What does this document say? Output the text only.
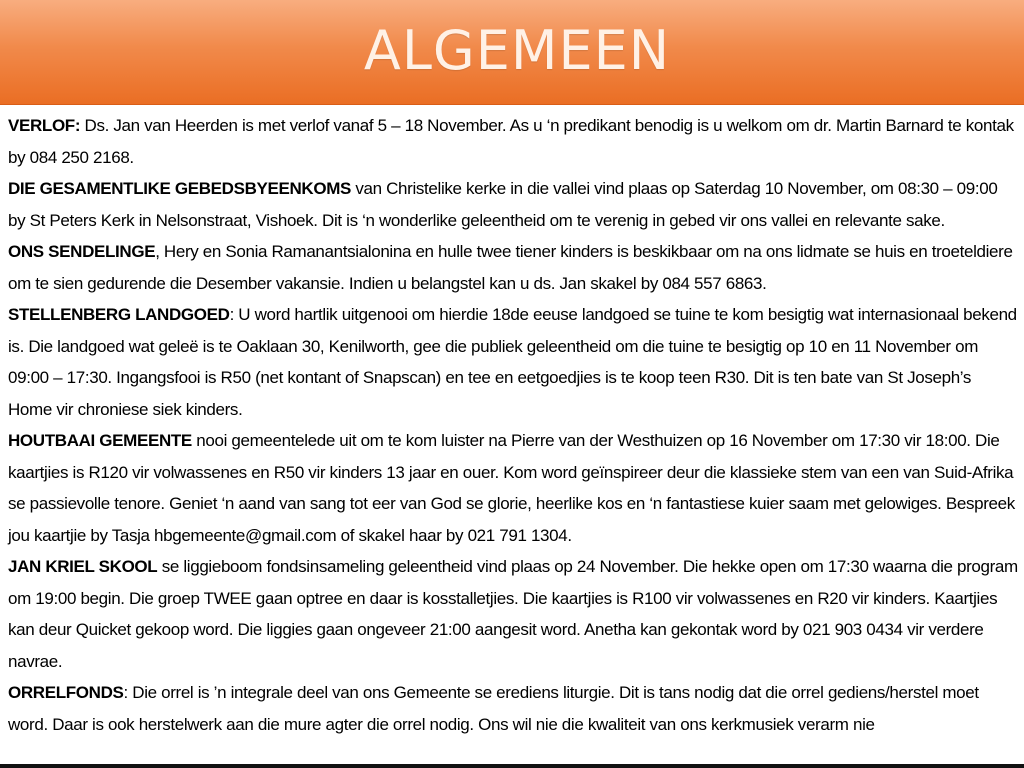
ALGEMEEN

VERLOF: Ds. Jan van Heerden is met verlof vanaf 5 – 18 November. As u ‘n predikant benodig is u welkom om dr. Martin Barnard te kontak by 084 250 2168.

DIE GESAMENTLIKE GEBEDSBYEENKOMS van Christelike kerke in die vallei vind plaas op Saterdag 10 November, om 08:30 – 09:00 by St Peters Kerk in Nelsonstraat, Vishoek. Dit is ‘n wonderlike geleentheid om te verenig in gebed vir ons vallei en relevante sake.

ONS SENDELINGE, Hery en Sonia Ramanantsialonina en hulle twee tiener kinders is beskikbaar om na ons lidmate se huis en troeteldiere om te sien gedurende die Desember vakansie. Indien u belangstel kan u ds. Jan skakel by 084 557 6863.

STELLENBERG LANDGOED: U word hartlik uitgenooi om hierdie 18de eeuse landgoed se tuine te kom besigtig wat internasionaal bekend is. Die landgoed wat geleë is te Oaklaan 30, Kenilworth, gee die publiek geleentheid om die tuine te besigtig op 10 en 11 November om 09:00 – 17:30. Ingangsfooi is R50 (net kontant of Snapscan) en tee en eetgoedjies is te koop teen R30. Dit is ten bate van St Joseph’s Home vir chroniese siek kinders.

HOUTBAAI GEMEENTE nooi gemeentelede uit om te kom luister na Pierre van der Westhuizen op 16 November om 17:30 vir 18:00. Die kaartjies is R120 vir volwassenes en R50 vir kinders 13 jaar en ouer. Kom word geïnspireer deur die klassieke stem van een van Suid-Afrika se passievolle tenore. Geniet ‘n aand van sang tot eer van God se glorie, heerlike kos en ‘n fantastiese kuier saam met gelowiges. Bespreek jou kaartjie by Tasja hbgemeente@gmail.com of skakel haar by 021 791 1304.

JAN KRIEL SKOOL se liggieboom fondsinsameling geleentheid vind plaas op 24 November. Die hekke open om 17:30 waarna die program om 19:00 begin. Die groep TWEE gaan optree en daar is kosstalletjies. Die kaartjies is R100 vir volwassenes en R20 vir kinders. Kaartjies kan deur Quicket gekoop word. Die liggies gaan ongeveer 21:00 aangesit word. Anetha kan gekontak word by 021 903 0434 vir verdere navrae.

ORRELFONDS: Die orrel is ’n integrale deel van ons Gemeente se erediens liturgie. Dit is tans nodig dat die orrel gediens/herstel moet word. Daar is ook herstelwerk aan die mure agter die orrel nodig. Ons wil nie die kwaliteit van ons kerkmusiek verarm nie
